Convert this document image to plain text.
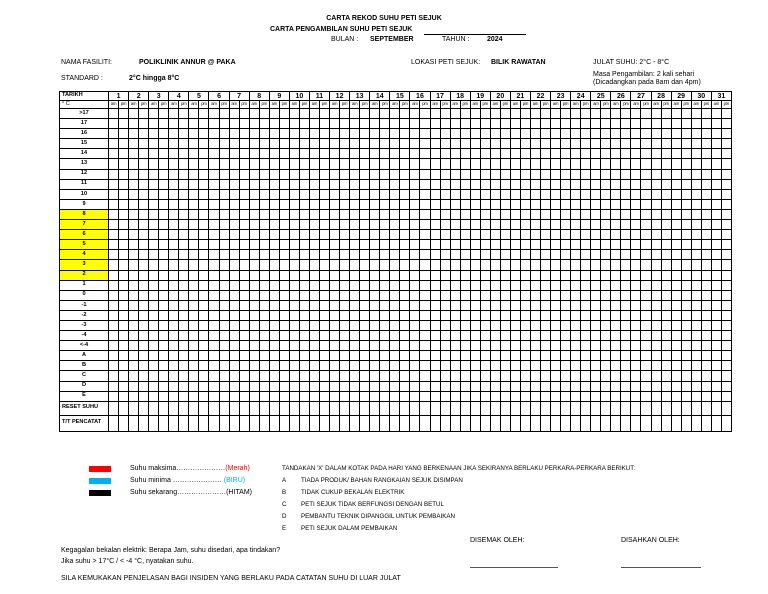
CARTA REKOD SUHU PETI SEJUK
CARTA PENGAMBILAN SUHU PETI SEJUK
BULAN : SEPTEMBER	TAHUN :	2024
NAMA FASILITI:	POLIKLINIK ANNUR @ PAKA	LOKASI PETI SEJUK: BILIK RAWATAN	JULAT SUHU: 2°C - 8°C
STANDARD :	2°C hingga 8°C
Masa Pengambilan: 2 kali sehari
(Dicadangkan pada 8am dan 4pm)
TARIKH	1		2		3		4		5		6		7		8		9		10		11		12		13		14		15		16		17		18		19		20		21		22		23		24		25		26		27		28		29		30		31	
° C	am	pm	am	pm	am	pm	am	pm	am	pm	am	pm	am	pm	am	pm	am	pm	am	pm	am	pm	am	pm	am	pm	am	pm	am	pm	am	pm	am	pm	am	pm	am	pm	am	pm	am	pm	am	pm	am	pm	am	pm	am	pm	am	pm	am	pm	am	pm	am	pm	am	pm	am	pm
>17																																																														
17																																																														
16																																																														
15																																																														
14																																																														
13																																																														
12																																																														
11																																																														
10																																																														
9																																																														
8																																																														
7																																																														
6																																																														
5																																																														
4																																																														
3																																																														
2																																																														
1																																																														
0																																																														
-1																																																														
-2																																																														
-3																																																														
-4																																																														
<-4																																																														
A																																																														
B																																																														
C																																																														
D																																																														
E																																																														
RESET SUHU																																																														
T/T PENCATAT																																																														
Suhu maksima…………………(Merah)
Suhu minima ………………… (BIRU)
Suhu sekarang…………………(HITAM)
TANDAKAN 'X' DALAM KOTAK PADA HARI YANG BERKENAAN JIKA SEKIRANYA BERLAKU PERKARA-PERKARA BERIKUT:
A TIADA PRODUK/ BAHAN RANGKAIAN SEJUK DISIMPAN
B TIDAK CUKUP BEKALAN ELEKTRIK
C PETI SEJUK TIDAK BERFUNGSI DENGAN BETUL
D PEMBANTU TEKNIK DIPANGGIL UNTUK PEMBAIKAN
E PETI SEJUK DALAM PEMBAIKAN
DISEMAK OLEH:	DISAHKAN OLEH:
Kegagalan bekalan elektrik: Berapa Jam, suhu disedari, apa tindakan?
Jika suhu > 17°C / < -4 °C, nyatakan suhu.
SILA KEMUKAKAN PENJELASAN BAGI INSIDEN YANG BERLAKU PADA CATATAN SUHU DI LUAR JULAT
